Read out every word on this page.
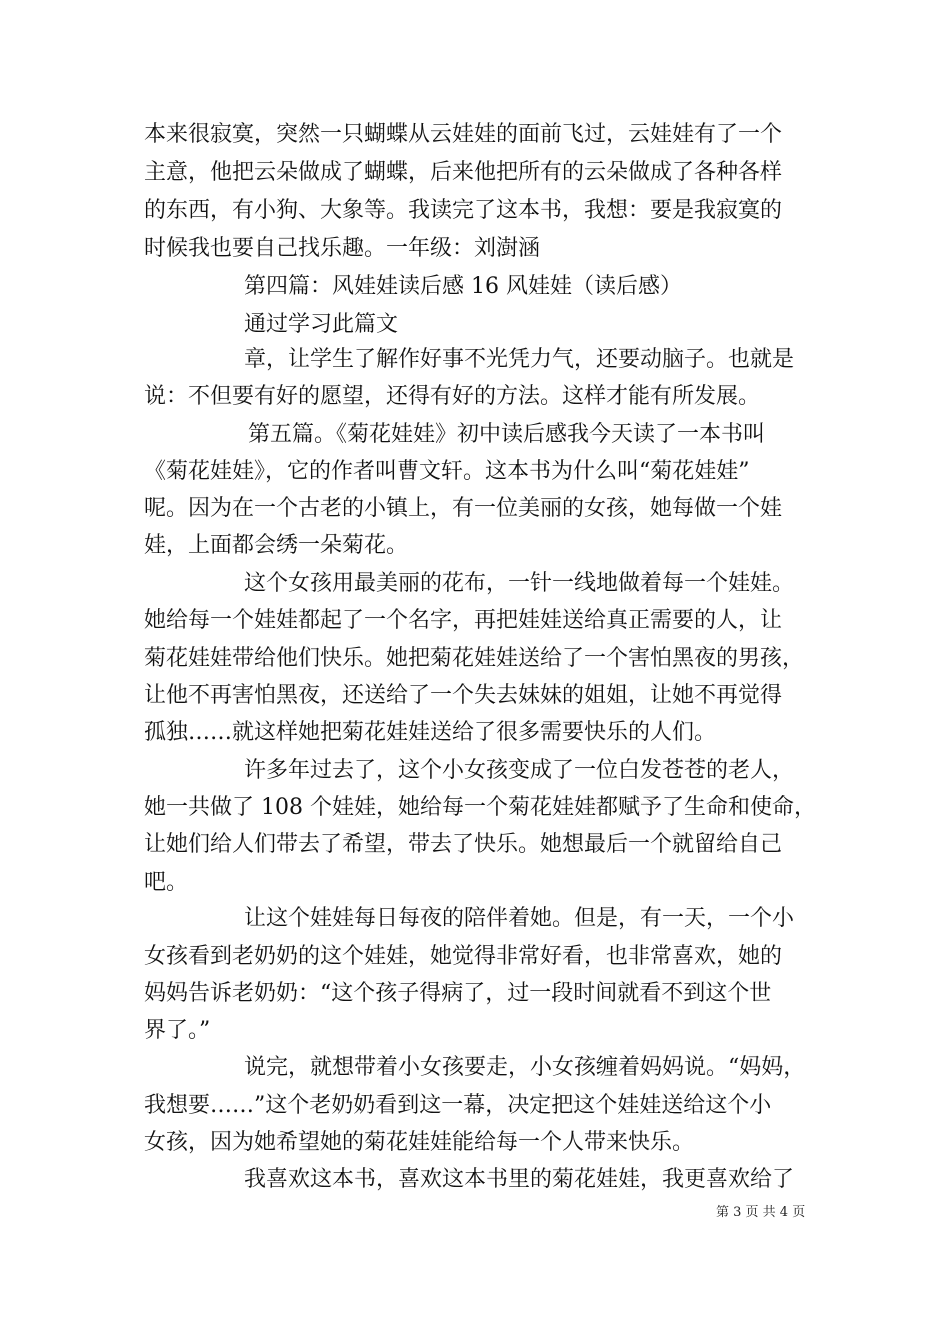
本来很寂寞，突然一只蝴蝶从云娃娃的面前飞过，云娃娃有了一个
主意，他把云朵做成了蝴蝶，后来他把所有的云朵做成了各种各样
的东西，有小狗、大象等。我读完了这本书，我想：要是我寂寞的
时候我也要自己找乐趣。一年级：刘澍涵
第四篇：风娃娃读后感 16 风娃娃（读后感）
通过学习此篇文
章，让学生了解作好事不光凭力气，还要动脑子。也就是
说：不但要有好的愿望，还得有好的方法。这样才能有所发展。
第五篇。《菊花娃娃》初中读后感我今天读了一本书叫
《菊花娃娃》，它的作者叫曹文轩。这本书为什么叫“菊花娃娃”
呢。因为在一个古老的小镇上，有一位美丽的女孩，她每做一个娃
娃，上面都会绣一朵菊花。
这个女孩用最美丽的花布，一针一线地做着每一个娃娃。
她给每一个娃娃都起了一个名字，再把娃娃送给真正需要的人，让
菊花娃娃带给他们快乐。她把菊花娃娃送给了一个害怕黑夜的男孩，
让他不再害怕黑夜，还送给了一个失去妹妹的姐姐，让她不再觉得
孤独……就这样她把菊花娃娃送给了很多需要快乐的人们。
许多年过去了，这个小女孩变成了一位白发苍苍的老人，
她一共做了 108 个娃娃，她给每一个菊花娃娃都赋予了生命和使命，
让她们给人们带去了希望，带去了快乐。她想最后一个就留给自己
吧。
让这个娃娃每日每夜的陪伴着她。但是，有一天，一个小
女孩看到老奶奶的这个娃娃，她觉得非常好看，也非常喜欢，她的
妈妈告诉老奶奶：“这个孩子得病了，过一段时间就看不到这个世
界了。”
说完，就想带着小女孩要走，小女孩缠着妈妈说。“妈妈，
我想要……”这个老奶奶看到这一幕，决定把这个娃娃送给这个小
女孩，因为她希望她的菊花娃娃能给每一个人带来快乐。
我喜欢这本书，喜欢这本书里的菊花娃娃，我更喜欢给了
第 3 页 共 4 页
